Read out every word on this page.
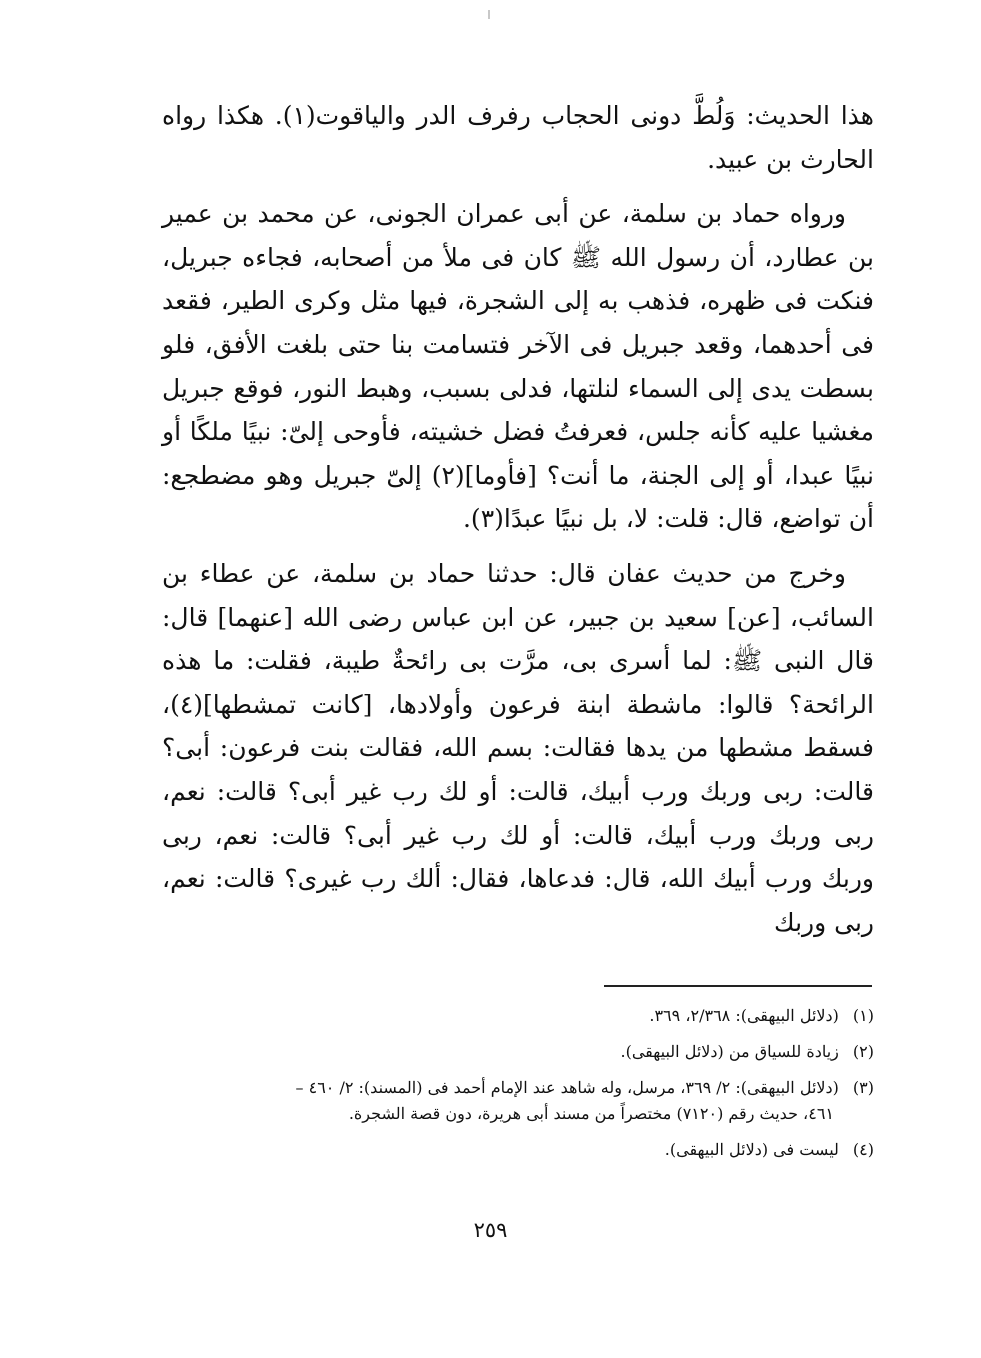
هذا الحديث: وَلُطَّ دونى الحجاب رفرف الدر والياقوت(١). هكذا رواه الحارث بن عبيد.

ورواه حماد بن سلمة، عن أبى عمران الجونى، عن محمد بن عمير بن عطارد، أن رسول الله ﷺ كان فى ملأ من أصحابه، فجاءه جبريل، فنكت فى ظهره، فذهب به إلى الشجرة، فيها مثل وكرى الطير، فقعد فى أحدهما، وقعد جبريل فى الآخر فتسامت بنا حتى بلغت الأفق، فلو بسطت يدى إلى السماء لنلتها، فدلى بسبب، وهبط النور، فوقع جبريل مغشيا عليه كأنه جلس، فعرفتُ فضل خشيته، فأوحى إلىّ: نبيًا ملكًا أو نبيًا عبدا، أو إلى الجنة، ما أنت؟ [فأوما](٢) إلىّ جبريل وهو مضطجع: أن تواضع، قال: قلت: لا، بل نبيًا عبدًا(٣).

وخرج من حديث عفان قال: حدثنا حماد بن سلمة، عن عطاء بن السائب، [عن] سعيد بن جبير، عن ابن عباس رضى الله [عنهما] قال: قال النبى ﷺ: لما أسرى بى، مرَّت بى رائحةٌ طيبة، فقلت: ما هذه الرائحة؟ قالوا: ماشطة ابنة فرعون وأولادها، [كانت تمشطها](٤)، فسقط مشطها من يدها فقالت: بسم الله، فقالت بنت فرعون: أبى؟ قالت: ربى وربك ورب أبيك، قالت: أو لك رب غير أبى؟ قالت: نعم، ربى وربك ورب أبيك، قالت: أو لك رب غير أبى؟ قالت: نعم، ربى وربك ورب أبيك الله، قال: فدعاها، فقال: ألك رب غيرى؟ قالت: نعم، ربى وربك

(١) (دلائل البيهقى): ٢/٣٦٨، ٣٦٩.

(٢) زيادة للسياق من (دلائل البيهقى).

(٣) (دلائل البيهقى): ٢/ ٣٦٩، مرسل، وله شاهد عند الإمام أحمد فى (المسند): ٢/ ٤٦٠ –
٤٦١، حديث رقم (٧١٢٠) مختصراً من مسند أبى هريرة، دون قصة الشجرة.

(٤) ليست فى (دلائل البيهقى).

٢٥٩
